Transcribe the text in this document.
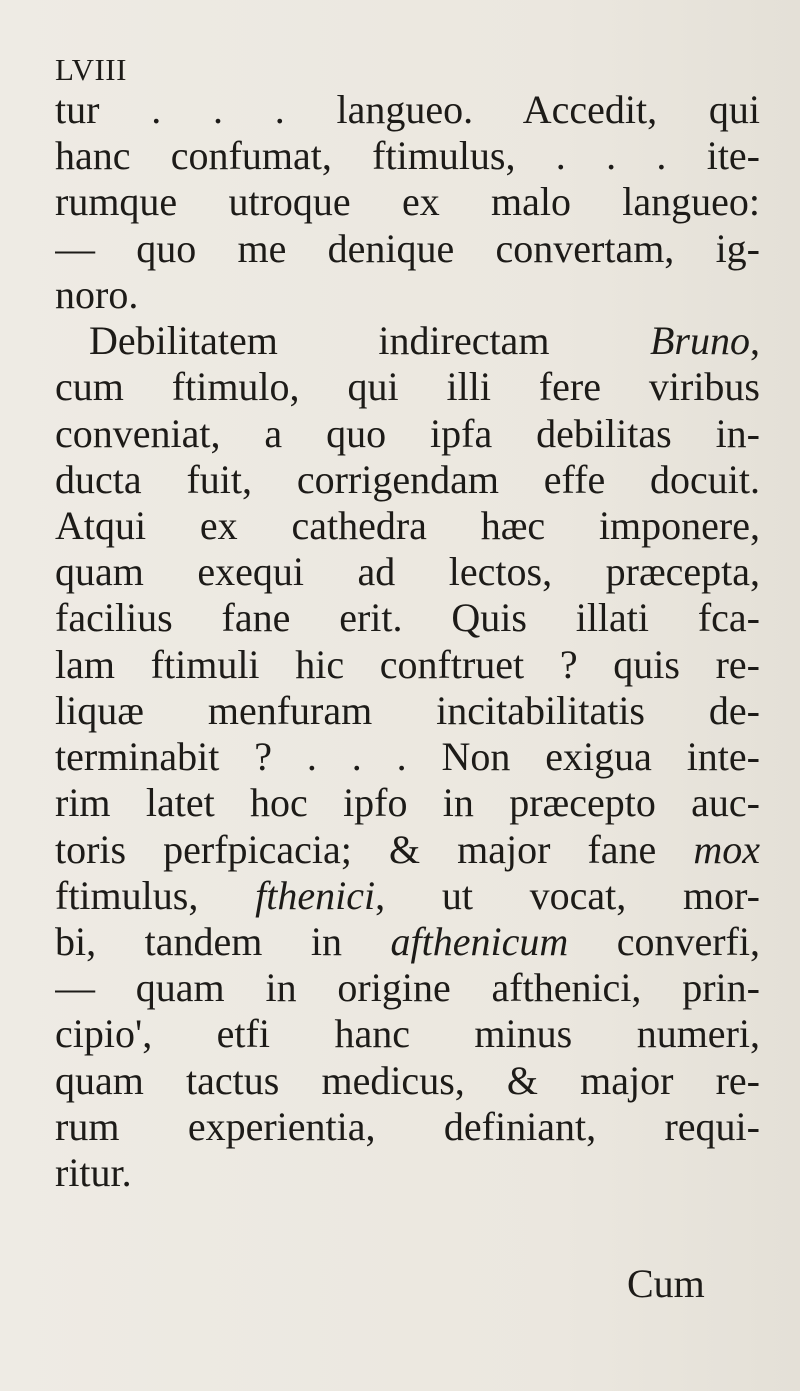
LVIII
tur . . . langueo. Accedit, qui
hanc confumat, ftimulus, . . . ite-
rumque utroque ex malo langueo:
— quo me denique convertam, ig-
noro.
Debilitatem indirectam Bruno,
cum ftimulo, qui illi fere viribus
conveniat, a quo ipfa debilitas in-
ducta fuit, corrigendam effe docuit.
Atqui ex cathedra hæc imponere,
quam exequi ad lectos, præcepta,
facilius fane erit. Quis illati fca-
lam ftimuli hic conftruet ? quis re-
liquæ menfuram incitabilitatis de-
terminabit ? . . . Non exigua inte-
rim latet hoc ipfo in præcepto auc-
toris perfpicacia; & major fane mox
ftimulus, fthenici, ut vocat, mor-
bi, tandem in afthenicum converfi,
— quam in origine afthenici, prin-
cipio', etfi hanc minus numeri,
quam tactus medicus, & major re-
rum experientia, definiant, requi-
ritur.
Cum
